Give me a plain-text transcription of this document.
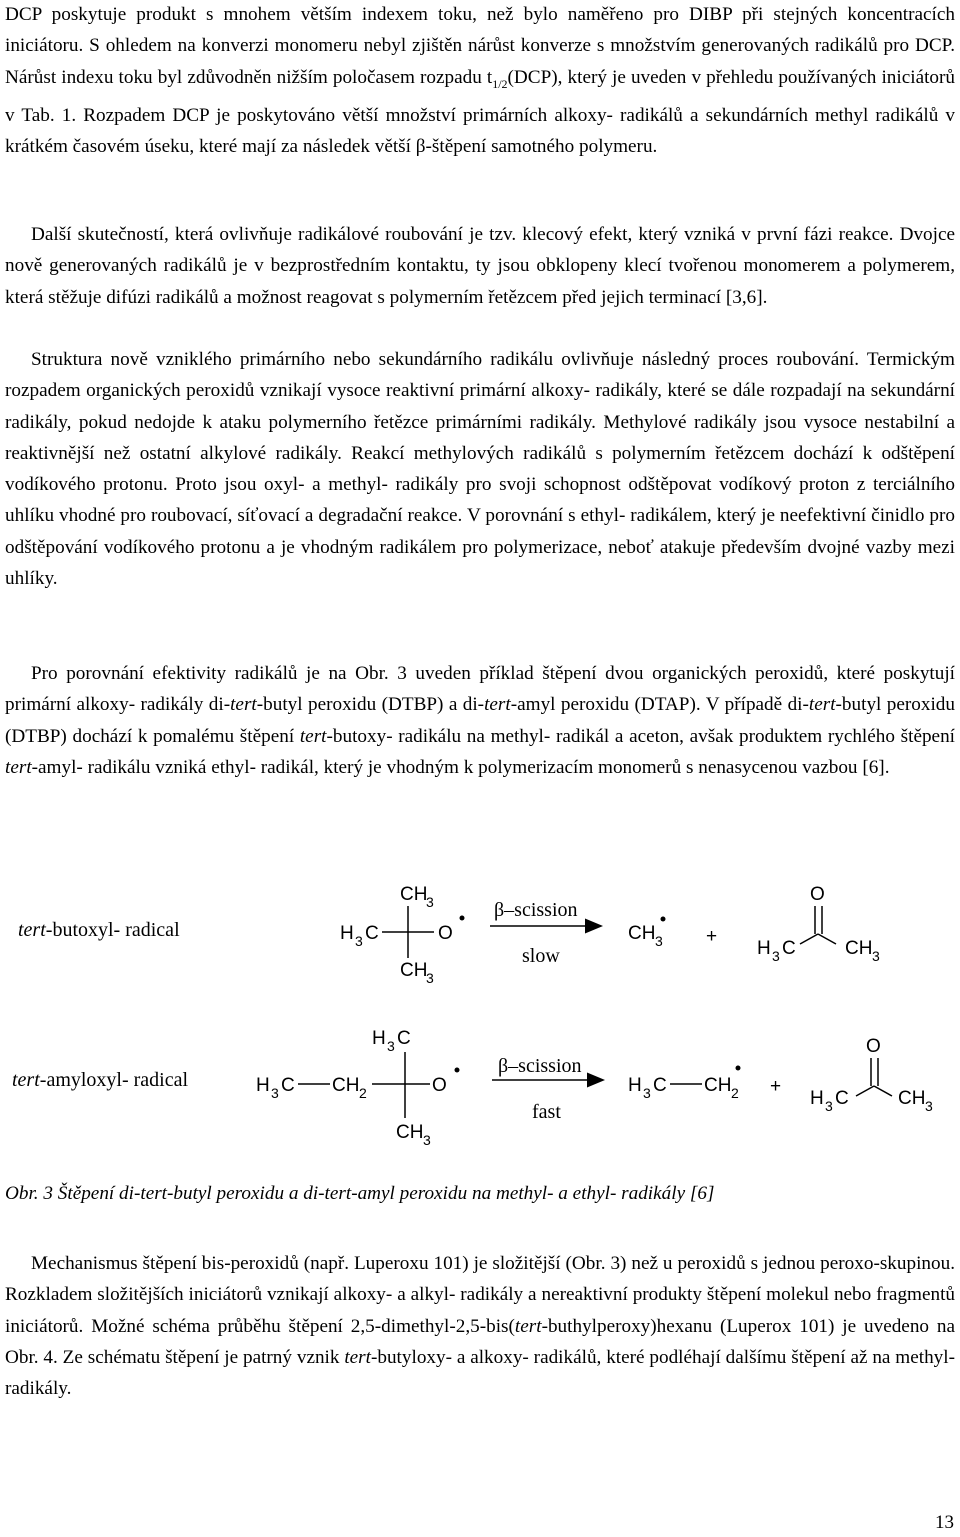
DCP poskytuje produkt s mnohem větším indexem toku, než bylo naměřeno pro DIBP při stejných koncentracích iniciátoru. S ohledem na konverzi monomeru nebyl zjištěn nárůst konverze s množstvím generovaných radikálů pro DCP. Nárůst indexu toku byl zdůvodněn nižším poločasem rozpadu $t_{1/2}(DCP)$, který je uveden v přehledu používaných iniciátorů v Tab. 1. Rozpadem DCP je poskytováno větší množství primárních alkoxy- radikálů a sekundárních methyl radikálů v krátkém časovém úseku, které mají za následek větší β-štěpení samotného polymeru.

Další skutečností, která ovlivňuje radikálové roubování je tzv. klecový efekt, který vzniká v první fázi reakce. Dvojce nově generovaných radikálů je v bezprostředním kontaktu, ty jsou obklopeny klecí tvořenou monomerem a polymerem, která stěžuje difúzi radikálů a možnost reagovat s polymerním řetězcem před jejich terminací [3,6].

Struktura nově vzniklého primárního nebo sekundárního radikálu ovlivňuje následný proces roubování. Termickým rozpadem organických peroxidů vznikají vysoce reaktivní primární alkoxy- radikály, které se dále rozpadají na sekundární radikály, pokud nedojde k ataku polymerního řetězce primárními radikály. Methylové radikály jsou vysoce nestabilní a reaktivnější než ostatní alkylové radikály. Reakcí methylových radikálů s polymerním řetězcem dochází k odštěpení vodíkového protonu. Proto jsou oxyl- a methyl- radikály pro svoji schopnost odštěpovat vodíkový proton z terciálního uhlíku vhodné pro roubovací, síťovací a degradační reakce. V porovnání s ethyl- radikálem, který je neefektivní činidlo pro odštěpování vodíkového protonu a je vhodným radikálem pro polymerizace, neboť atakuje především dvojné vazby mezi uhlíky.

Pro porovnání efektivity radikálů je na Obr. 3 uveden příklad štěpení dvou organických peroxidů, které poskytují primární alkoxy- radikály di-tert-butyl peroxidu (DTBP) a di-tert-amyl peroxidu (DTAP). V případě di-tert-butyl peroxidu (DTBP) dochází k pomalému štěpení tert-butoxy- radikálu na methyl- radikál a aceton, avšak produktem rychlého štěpení tert-amyl- radikálu vzniká ethyl- radikál, který je vhodným k polymerizacím monomerů s nenasycenou vazbou [6].

tert-butoxyl- radical	H 3 C
CH
3
CH
3
O
β–scission
slow
CH 3 +
O
H 3 C	CH 3
tert-amyloxyl- radical	H 3 C CH 2
H 3 C
CH 3
O
β–scission
fast
H 3 C CH 2 +
O
H 3 C	CH 3
Obr. 3 Štěpení di-tert-butyl peroxidu a di-tert-amyl peroxidu na methyl- a ethyl- radikály [6]

Mechanismus štěpení bis-peroxidů (např. Luperoxu 101) je složitější (Obr. 3) než u peroxidů s jednou peroxo-skupinou. Rozkladem složitějších iniciátorů vznikají alkoxy- a alkyl- radikály a nereaktivní produkty štěpení molekul nebo fragmentů iniciátorů. Možné schéma průběhu štěpení 2,5-dimethyl-2,5-bis(tert-buthylperoxy)hexanu (Luperox 101) je uvedeno na Obr. 4. Ze schématu štěpení je patrný vznik tert-butyloxy- a alkoxy- radikálů, které podléhají dalšímu štěpení až na methyl- radikály.

13
